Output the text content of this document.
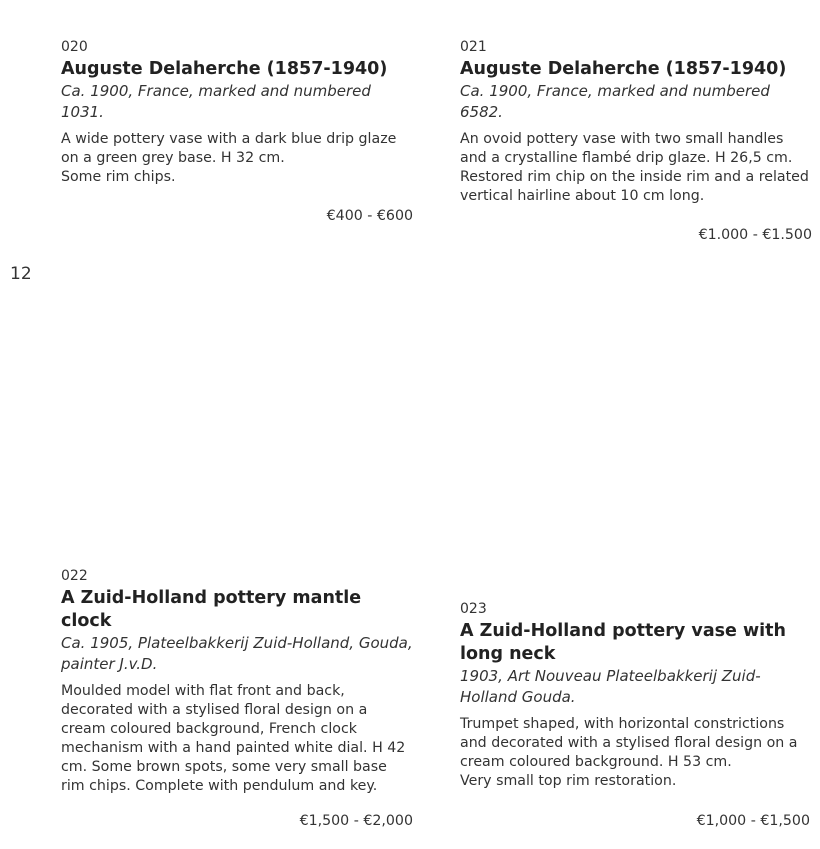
12
020
Auguste Delaherche (1857-1940)
Ca. 1900, France, marked and numbered 1031.
A wide pottery vase with a dark blue drip glaze on a green grey base. H 32 cm.
Some rim chips.
€400 - €600
021
Auguste Delaherche (1857-1940)
Ca. 1900, France, marked and numbered 6582.
An ovoid pottery vase with two small handles and a crystalline flambé drip glaze. H 26,5 cm. Restored rim chip on the inside rim and a related vertical hairline about 10 cm long.
€1.000 - €1.500
022
A Zuid-Holland pottery mantle clock
Ca. 1905, Plateelbakkerij Zuid-Holland, Gouda, painter J.v.D.
Moulded model with flat front and back, decorated with a stylised floral design on a cream coloured background, French clock mechanism with a hand painted white dial. H 42 cm. Some brown spots, some very small base rim chips. Complete with pendulum and key.
€1,500 - €2,000
023
A Zuid-Holland pottery vase with long neck
1903, Art Nouveau Plateelbakkerij Zuid-Holland Gouda.
Trumpet shaped, with horizontal constrictions and decorated with a stylised floral design on a cream coloured background. H 53 cm.
Very small top rim restoration.
€1,000 - €1,500
